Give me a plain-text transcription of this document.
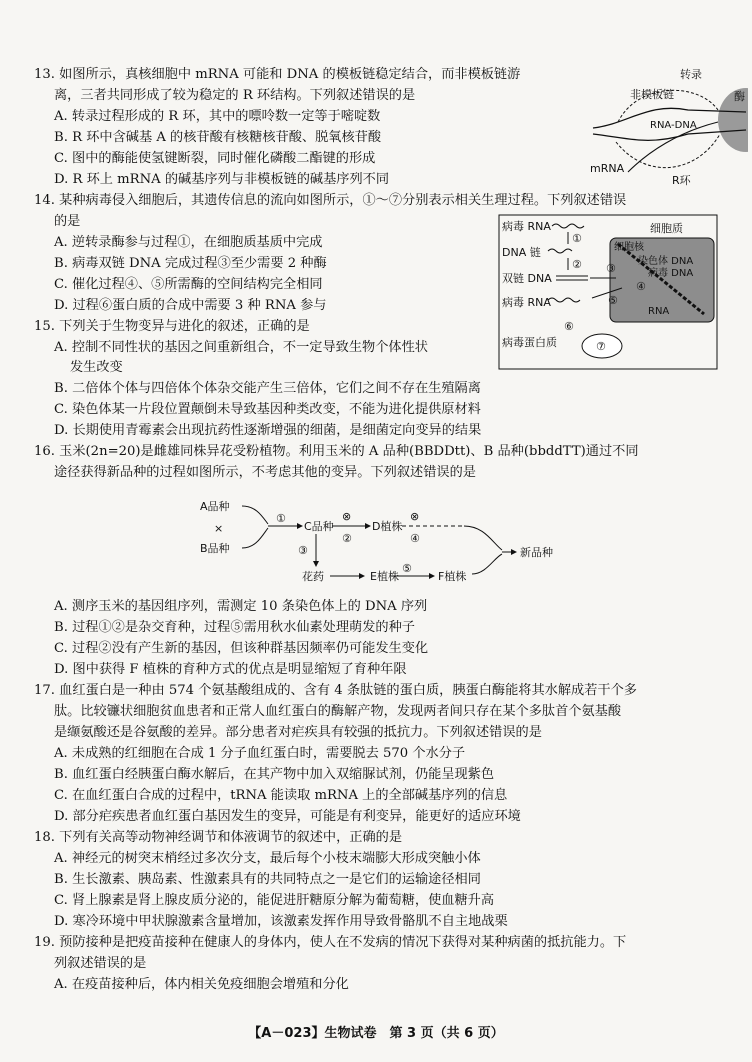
13. 如图所示，真核细胞中 mRNA 可能和 DNA 的模板链稳定结合，而非模板链游
离，三者共同形成了较为稳定的 R 环结构。下列叙述错误的是
A. 转录过程形成的 R 环，其中的嘌呤数一定等于嘧啶数
B. R 环中含碱基 A 的核苷酸有核糖核苷酸、脱氧核苷酸
C. 图中的酶能使氢键断裂，同时催化磷酸二酯键的形成
D. R 环上 mRNA 的碱基序列与非模板链的碱基序列不同
转录
酶
非模板链
RNA-DNA
mRNA
R环
14. 某种病毒侵入细胞后，其遗传信息的流向如图所示，①～⑦分别表示相关生理过程。下列叙述错误
的是
A. 逆转录酶参与过程①，在细胞质基质中完成
B. 病毒双链 DNA 完成过程③至少需要 2 种酶
C. 催化过程④、⑤所需酶的空间结构完全相同
D. 过程⑥蛋白质的合成中需要 3 种 RNA 参与
病毒 RNA
DNA 链
双链 DNA
病毒 RNA
病毒蛋白质
细胞质
细胞核
染色体 DNA
病毒 DNA
RNA
①
② ③
④
⑤
⑥
⑦
15. 下列关于生物变异与进化的叙述，正确的是
A. 控制不同性状的基因之间重新组合，不一定导致生物个体性状
发生改变
B. 二倍体个体与四倍体个体杂交能产生三倍体，它们之间不存在生殖隔离
C. 染色体某一片段位置颠倒未导致基因种类改变，不能为进化提供原材料
D. 长期使用青霉素会出现抗药性逐渐增强的细菌，是细菌定向变异的结果
16. 玉米(2n=20)是雌雄同株异花受粉植物。利用玉米的 A 品种(BBDDtt)、B 品种(bbddTT)通过不同
途径获得新品种的过程如图所示，不考虑其他的变异。下列叙述错误的是
A品种
×
B品种
①
C品种
⊗
②
D植株
⊗
④
③
花药	E植株
⑤
F植株
新品种
A. 测序玉米的基因组序列，需测定 10 条染色体上的 DNA 序列
B. 过程①②是杂交育种，过程⑤需用秋水仙素处理萌发的种子
C. 过程②没有产生新的基因，但该种群基因频率仍可能发生变化
D. 图中获得 F 植株的育种方式的优点是明显缩短了育种年限
17. 血红蛋白是一种由 574 个氨基酸组成的、含有 4 条肽链的蛋白质，胰蛋白酶能将其水解成若干个多
肽。比较镰状细胞贫血患者和正常人血红蛋白的酶解产物，发现两者间只存在某个多肽首个氨基酸
是缬氨酸还是谷氨酸的差异。部分患者对疟疾具有较强的抵抗力。下列叙述错误的是
A. 未成熟的红细胞在合成 1 分子血红蛋白时，需要脱去 570 个水分子
B. 血红蛋白经胰蛋白酶水解后，在其产物中加入双缩脲试剂，仍能呈现紫色
C. 在血红蛋白合成的过程中，tRNA 能读取 mRNA 上的全部碱基序列的信息
D. 部分疟疾患者血红蛋白基因发生的变异，可能是有利变异，能更好的适应环境
18. 下列有关高等动物神经调节和体液调节的叙述中，正确的是
A. 神经元的树突末梢经过多次分支，最后每个小枝末端膨大形成突触小体
B. 生长激素、胰岛素、性激素具有的共同特点之一是它们的运输途径相同
C. 肾上腺素是肾上腺皮质分泌的，能促进肝糖原分解为葡萄糖，使血糖升高
D. 寒冷环境中甲状腺激素含量增加，该激素发挥作用导致骨骼肌不自主地战栗
19. 预防接种是把疫苗接种在健康人的身体内，使人在不发病的情况下获得对某种病菌的抵抗能力。下
列叙述错误的是
A. 在疫苗接种后，体内相关免疫细胞会增殖和分化
【A－023】生物试卷　第 3 页（共 6 页）
